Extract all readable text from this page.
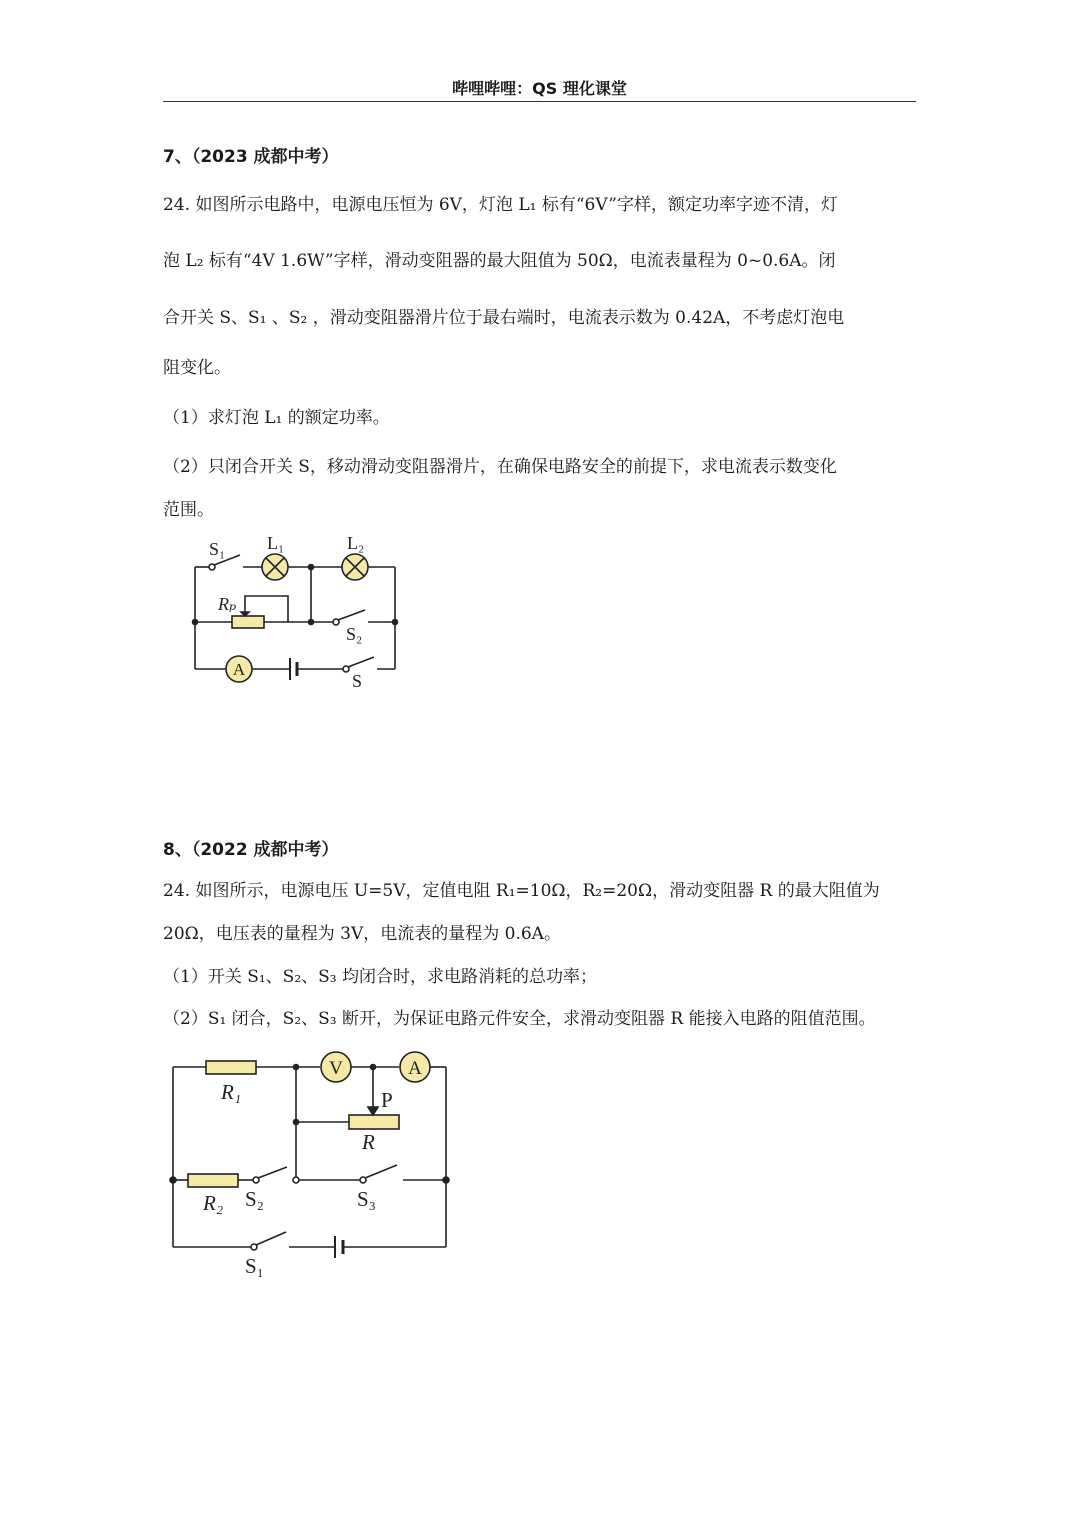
哔哩哔哩：QS 理化课堂
7、（2023 成都中考）
24. 如图所示电路中，电源电压恒为 6V，灯泡 L₁ 标有“6V”字样，额定功率字迹不清，灯
泡 L₂ 标有“4V 1.6W”字样，滑动变阻器的最大阻值为 50Ω，电流表量程为 0~0.6A。闭
合开关 S、S₁ 、S₂ ，滑动变阻器滑片位于最右端时，电流表示数为 0.42A，不考虑灯泡电
阻变化。
（1）求灯泡 L₁ 的额定功率。
（2）只闭合开关 S，移动滑动变阻器滑片，在确保电路安全的前提下，求电流表示数变化
范围。
S₁ L₁	L₂
Rₚ
S₂
S
A
8、（2022 成都中考）
24. 如图所示，电源电压 U=5V，定值电阻 R₁=10Ω，R₂=20Ω，滑动变阻器 R 的最大阻值为
20Ω，电压表的量程为 3V，电流表的量程为 0.6A。
（1）开关 S₁、S₂、S₃ 均闭合时，求电路消耗的总功率；
（2）S₁ 闭合，S₂、S₃ 断开，为保证电路元件安全，求滑动变阻器 R 能接入电路的阻值范围。
R₁
V	A
P
R
R₂ S₂	S₃
S₁
